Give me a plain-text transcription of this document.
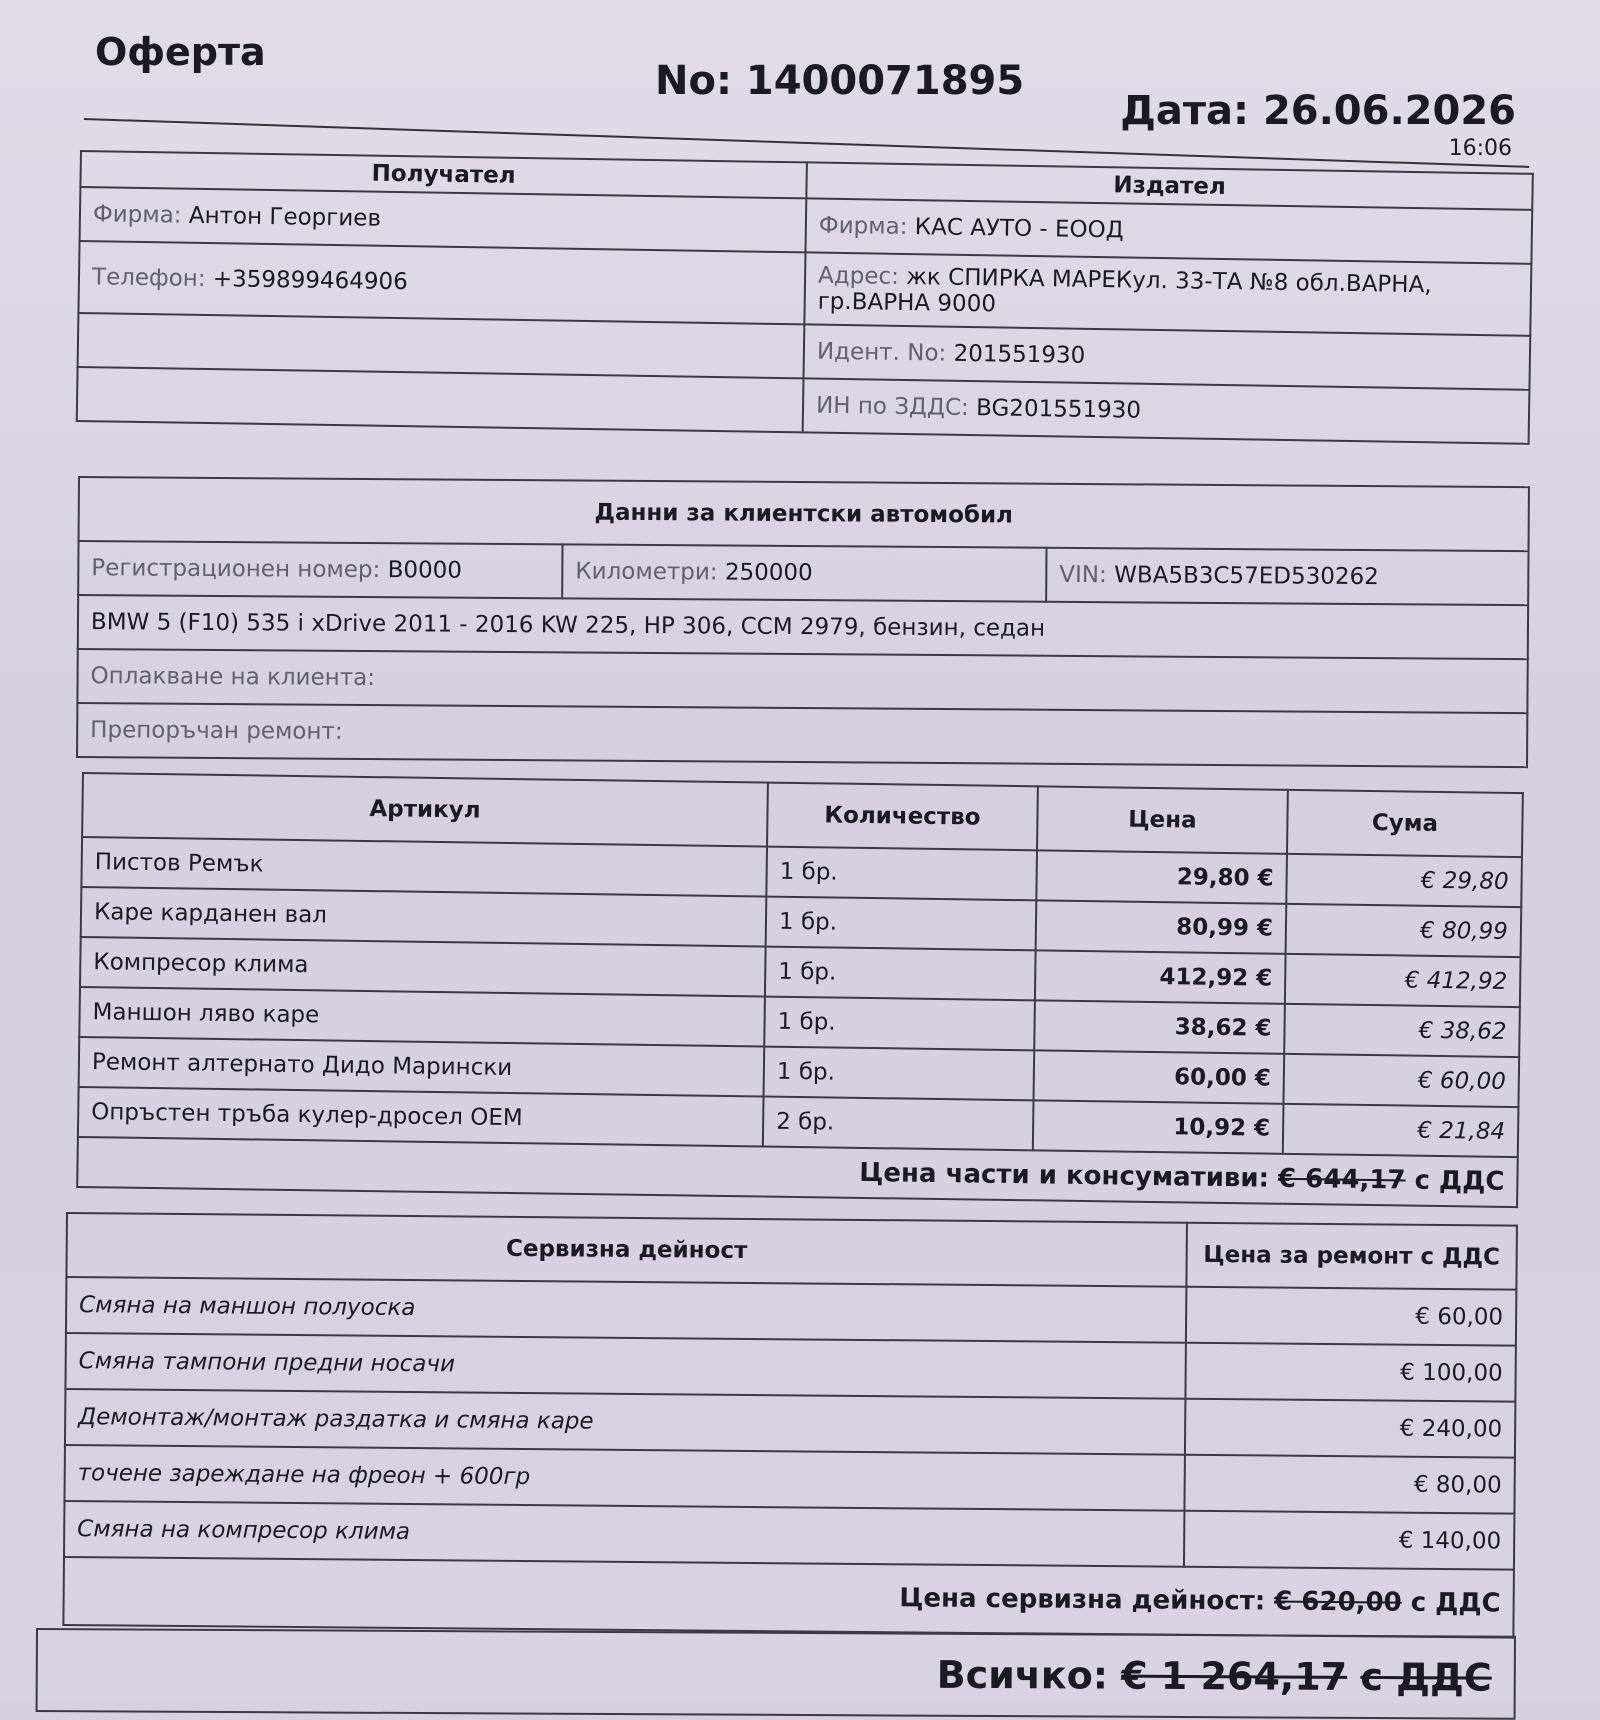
Оферта
No: 1400071895
Дата: 26.06.2026
16:06
Получател	Издател
Фирма: Антон Георгиев	Фирма: КАС АУТО - ЕООД
Телефон: +359899464906	Адрес: жк СПИРКА МАРЕКул. 33-ТА №8 обл.ВАРНА, гр.ВАРНА 9000
	Идент. No: 201551930
	ИН по ЗДДС: BG201551930
Данни за клиентски автомобил
Регистрационен номер: B0000	Километри: 250000	VIN: WBA5B3C57ED530262
BMW 5 (F10) 535 i xDrive 2011 - 2016 KW 225, HP 306, CCM 2979, бензин, седан
Оплакване на клиента:
Препоръчан ремонт:
Артикул	Количество	Цена	Сума
Пистов Ремък	1 бр.	29,80 €	€ 29,80
Каре карданен вал	1 бр.	80,99 €	€ 80,99
Компресор клима	1 бр.	412,92 €	€ 412,92
Маншон ляво каре	1 бр.	38,62 €	€ 38,62
Ремонт алтернато Дидо Марински	1 бр.	60,00 €	€ 60,00
Опръстен тръба кулер-дросел OEM	2 бр.	10,92 €	€ 21,84
Цена части и консумативи: € 644,17 с ДДС			
Сервизна дейност	Цена за ремонт с ДДС
Смяна на маншон полуоска	€ 60,00
Смяна тампони предни носачи	€ 100,00
Демонтаж/монтаж раздатка и смяна каре	€ 240,00
точене зареждане на фреон + 600гр	€ 80,00
Смяна на компресор клима	€ 140,00
Цена сервизна дейност: € 620,00 с ДДС	
Всичко: € 1 264,17 с ДДС
